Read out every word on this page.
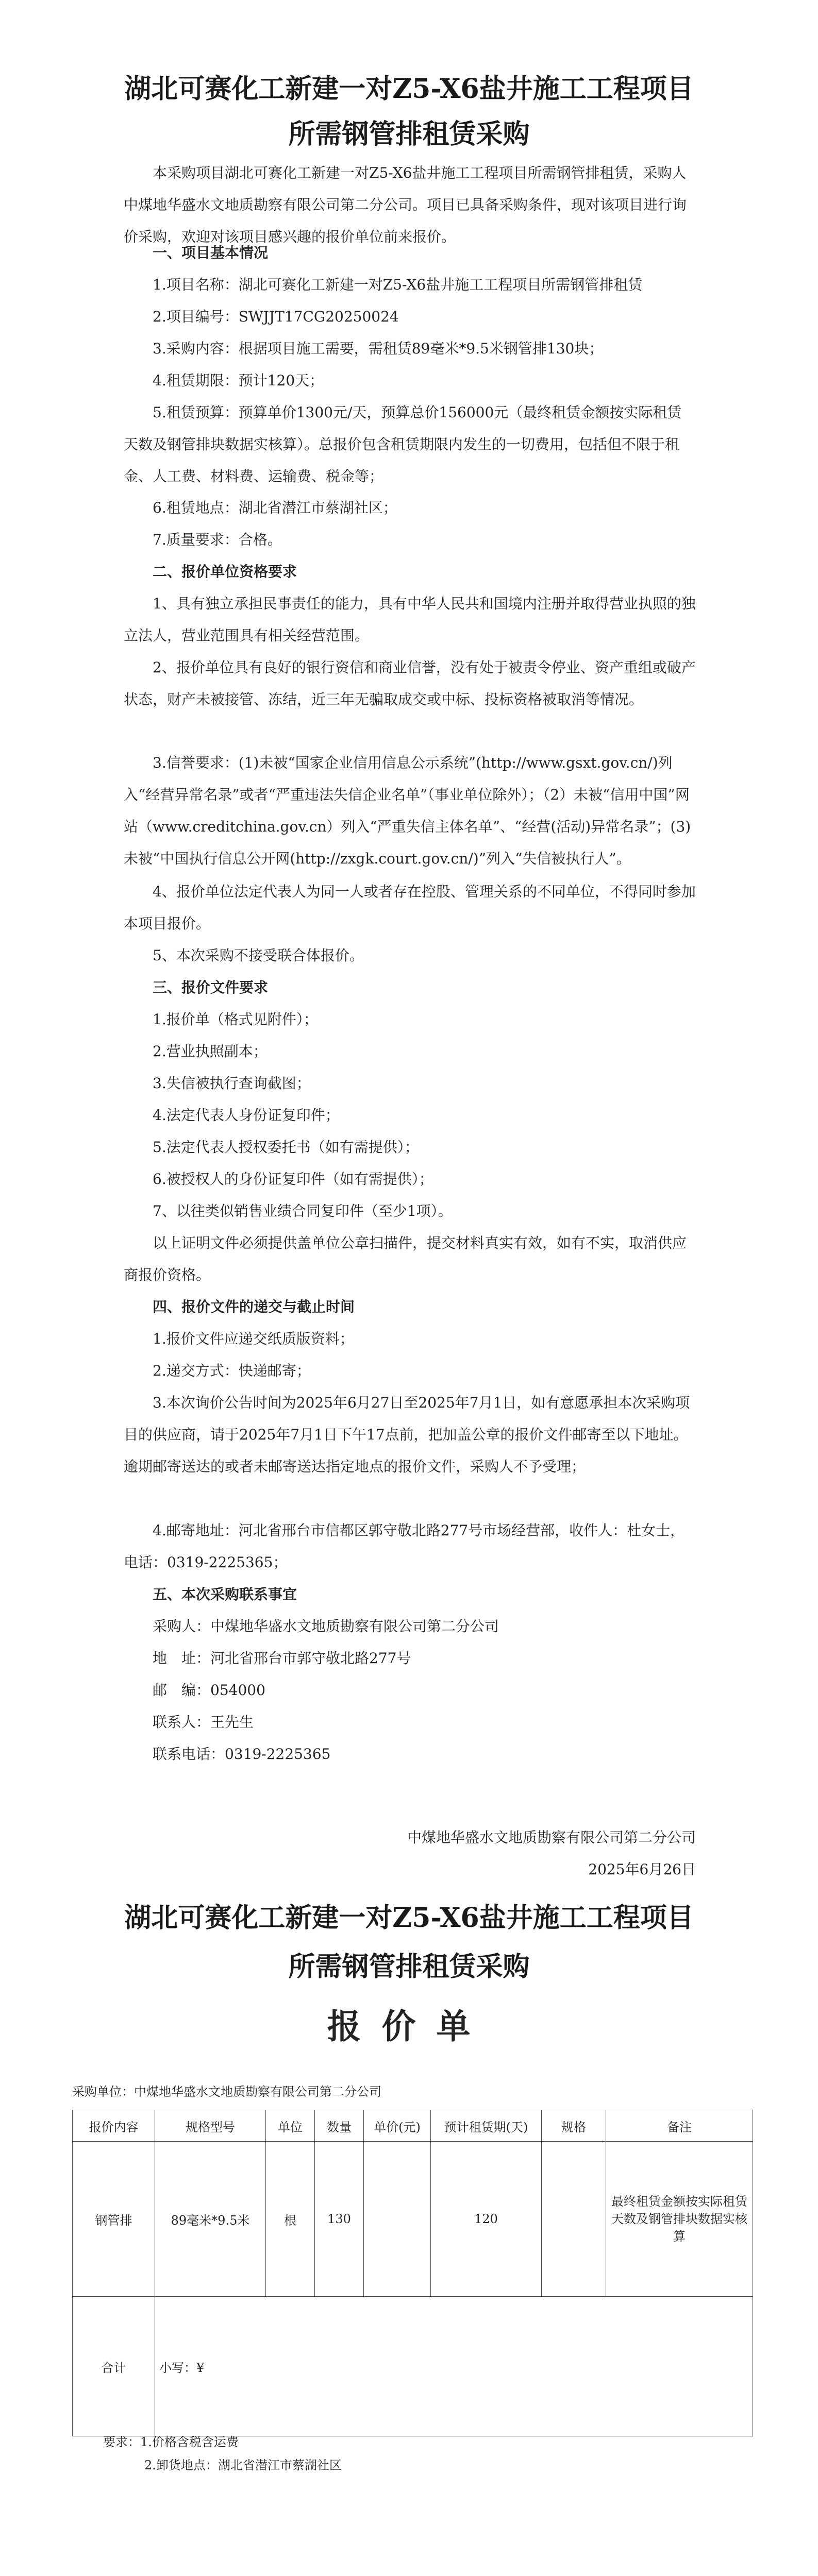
湖北可赛化工新建一对Z5-X6盐井施工工程项目
所需钢管排租赁采购
本采购项目湖北可赛化工新建一对Z5-X6盐井施工工程项目所需钢管排租赁，采购人中煤地华盛水文地质勘察有限公司第二分公司。项目已具备采购条件，现对该项目进行询价采购，欢迎对该项目感兴趣的报价单位前来报价。
一、项目基本情况
1.项目名称：湖北可赛化工新建一对Z5-X6盐井施工工程项目所需钢管排租赁
2.项目编号：SWJJT17CG20250024
3.采购内容：根据项目施工需要，需租赁89毫米*9.5米钢管排130块；
4.租赁期限：预计120天；
5.租赁预算：预算单价1300元/天，预算总价156000元（最终租赁金额按实际租赁天数及钢管排块数据实核算）。总报价包含租赁期限内发生的一切费用，包括但不限于租金、人工费、材料费、运输费、税金等；
6.租赁地点：湖北省潜江市蔡湖社区；
7.质量要求：合格。
二、报价单位资格要求
1、具有独立承担民事责任的能力，具有中华人民共和国境内注册并取得营业执照的独立法人，营业范围具有相关经营范围。
2、报价单位具有良好的银行资信和商业信誉，没有处于被责令停业、资产重组或破产状态，财产未被接管、冻结，近三年无骗取成交或中标、投标资格被取消等情况。
3.信誉要求：(1)未被“国家企业信用信息公示系统”(http://www.gsxt.gov.cn/)列入“经营异常名录”或者“严重违法失信企业名单”（事业单位除外）；（2）未被“信用中国”网站（www.creditchina.gov.cn）列入“严重失信主体名单”、“经营(活动)异常名录”；(3)未被“中国执行信息公开网(http://zxgk.court.gov.cn/)”列入“失信被执行人”。
4、报价单位法定代表人为同一人或者存在控股、管理关系的不同单位，不得同时参加本项目报价。
5、本次采购不接受联合体报价。
三、报价文件要求
1.报价单（格式见附件）；
2.营业执照副本；
3.失信被执行查询截图；
4.法定代表人身份证复印件；
5.法定代表人授权委托书（如有需提供）；
6.被授权人的身份证复印件（如有需提供）；
7、以往类似销售业绩合同复印件（至少1项）。
以上证明文件必须提供盖单位公章扫描件，提交材料真实有效，如有不实，取消供应商报价资格。
四、报价文件的递交与截止时间
1.报价文件应递交纸质版资料；
2.递交方式：快递邮寄；
3.本次询价公告时间为2025年6月27日至2025年7月1日，如有意愿承担本次采购项目的供应商，请于2025年7月1日下午17点前，把加盖公章的报价文件邮寄至以下地址。逾期邮寄送达的或者未邮寄送达指定地点的报价文件，采购人不予受理；
4.邮寄地址：河北省邢台市信都区郭守敬北路277号市场经营部，收件人：杜女士，电话：0319-2225365；
五、本次采购联系事宜
采购人：中煤地华盛水文地质勘察有限公司第二分公司
地　址：河北省邢台市郭守敬北路277号
邮　编：054000
联系人：王先生
联系电话：0319-2225365
中煤地华盛水文地质勘察有限公司第二分公司
2025年6月26日
湖北可赛化工新建一对Z5-X6盐井施工工程项目
所需钢管排租赁采购
报价单
采购单位：中煤地华盛水文地质勘察有限公司第二分公司
报价内容	规格型号	单位	数量	单价(元)	预计租赁期(天)	规格	备注
钢管排	89毫米*9.5米	根	130		120		最终租赁金额按实际租赁天数及钢管排块数据实核算
合计	小写：¥						
要求：1.价格含税含运费
2.卸货地点：湖北省潜江市蔡湖社区
